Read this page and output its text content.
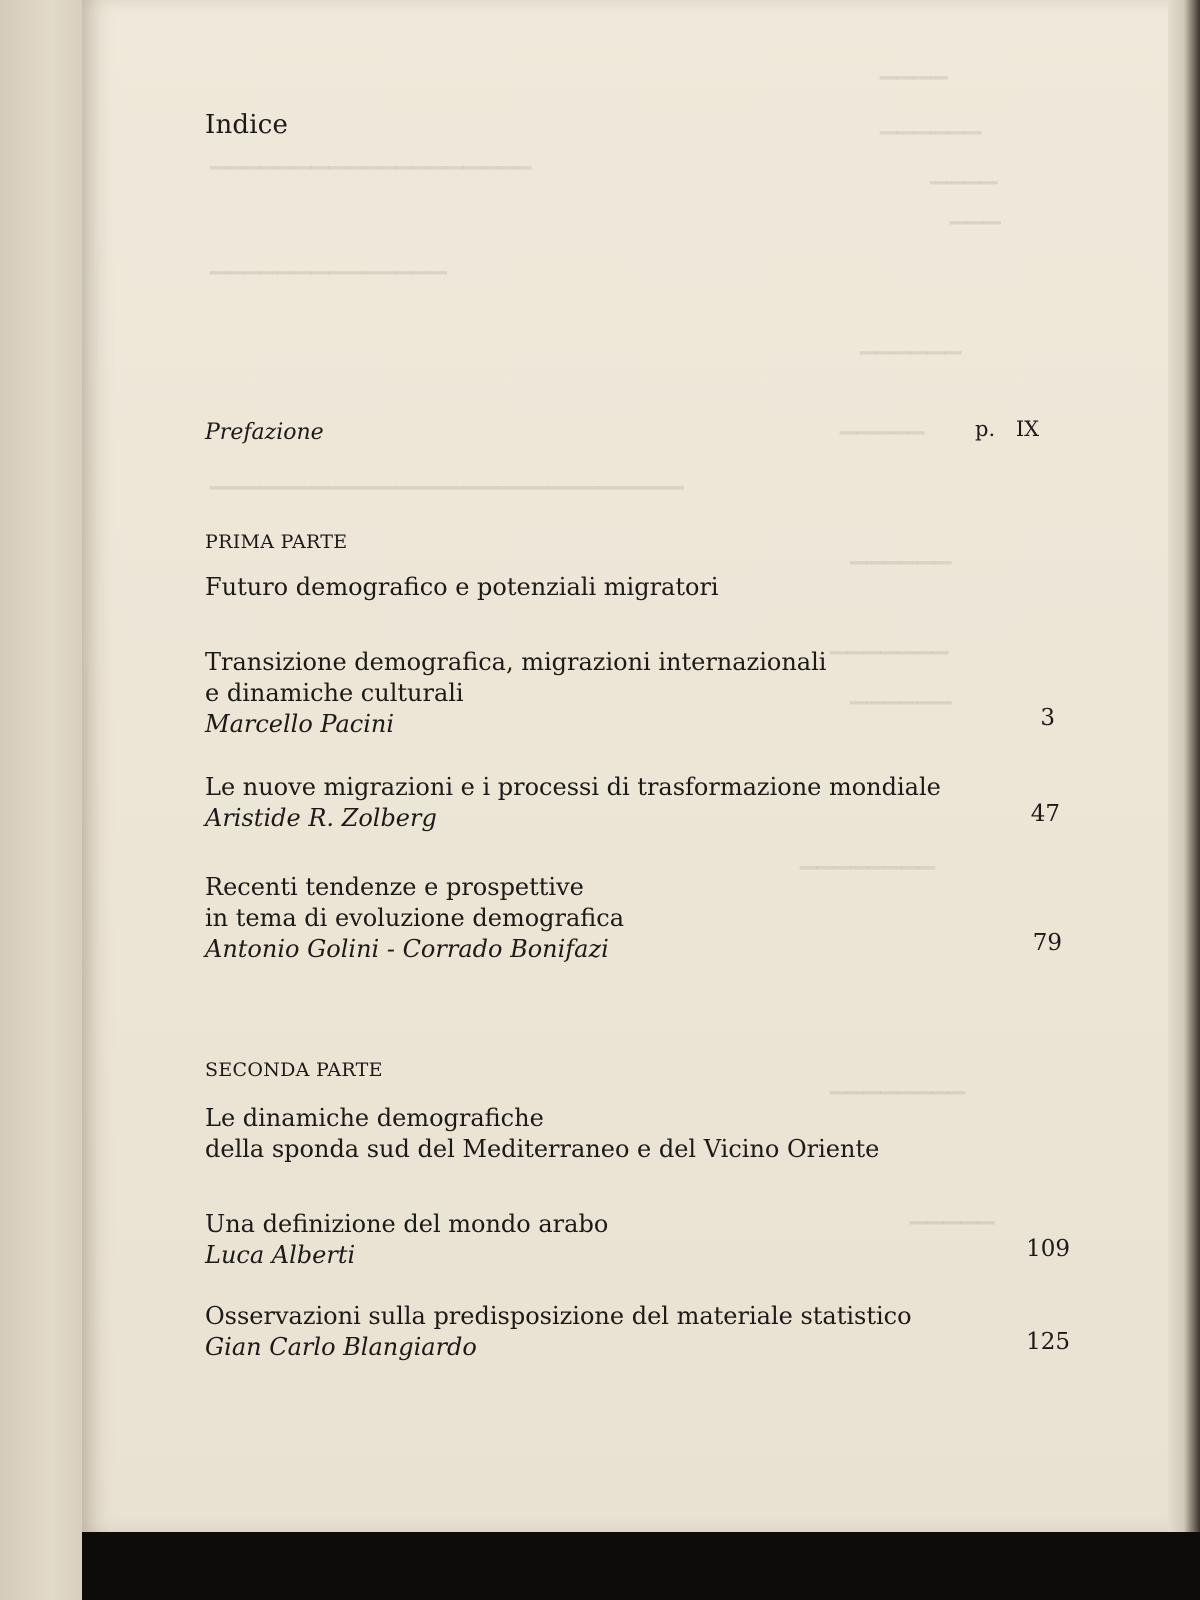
▁▁▁▁
▁▁▁▁▁▁
▁▁▁▁
▁▁▁
▁▁▁▁▁▁▁▁▁▁▁▁▁▁▁▁▁▁▁
▁▁▁▁▁▁▁▁▁▁▁▁▁▁
▁▁▁▁▁▁
▁▁▁▁▁
▁▁▁▁▁▁▁▁▁▁▁▁▁▁▁▁▁▁▁▁▁▁▁▁▁▁▁▁
▁▁▁▁▁▁
▁▁▁▁▁▁▁
▁▁▁▁▁▁
▁▁▁▁▁▁▁▁
▁▁▁▁▁▁▁▁
▁▁▁▁▁
Indice
Prefazione	p. IX
PRIMA PARTE
Futuro demografico e potenziali migratori
Transizione demografica, migrazioni internazionali
e dinamiche culturali
Marcello Pacini	3
Le nuove migrazioni e i processi di trasformazione mondiale
Aristide R. Zolberg	47
Recenti tendenze e prospettive
in tema di evoluzione demografica
Antonio Golini - Corrado Bonifazi	79
SECONDA PARTE
Le dinamiche demografiche
della sponda sud del Mediterraneo e del Vicino Oriente
Una definizione del mondo arabo
Luca Alberti	109
Osservazioni sulla predisposizione del materiale statistico
Gian Carlo Blangiardo	125
